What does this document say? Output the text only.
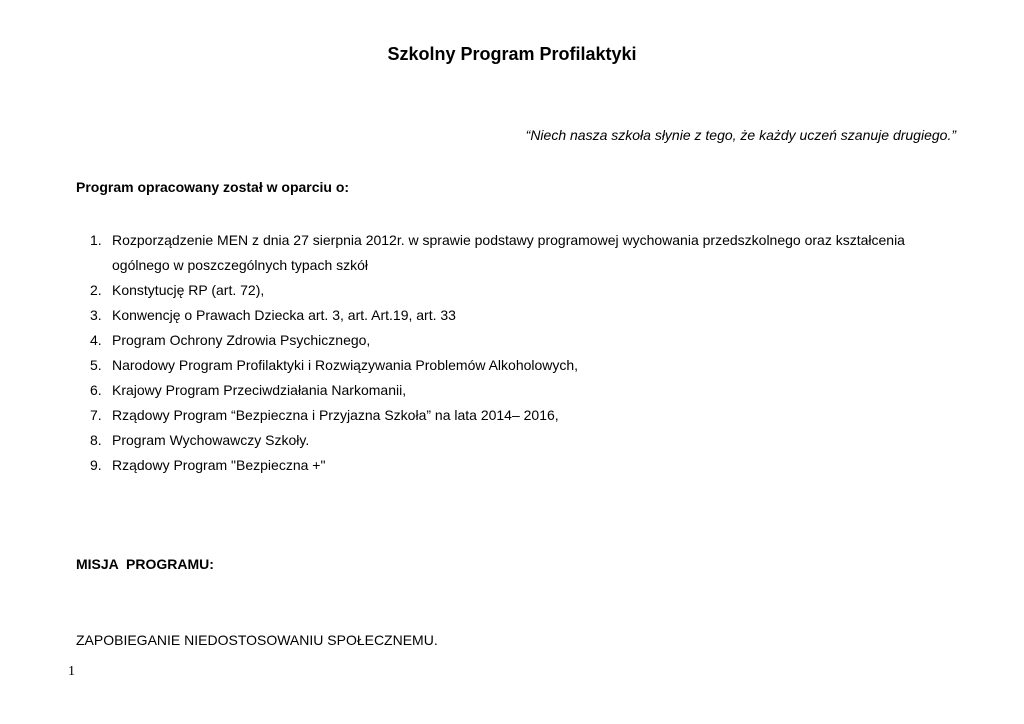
Szkolny Program Profilaktyki

“Niech nasza szkoła słynie z tego, że każdy uczeń szanuje drugiego.”

Program opracowany został w oparciu o:

1. Rozporządzenie MEN z dnia 27 sierpnia 2012r. w sprawie podstawy programowej wychowania przedszkolnego oraz kształcenia ogólnego w poszczególnych typach szkół
2. Konstytucję RP (art. 72),
3. Konwencję o Prawach Dziecka art. 3, art. Art.19, art. 33
4. Program Ochrony Zdrowia Psychicznego,
5. Narodowy Program Profilaktyki i Rozwiązywania Problemów Alkoholowych,
6. Krajowy Program Przeciwdziałania Narkomanii,
7. Rządowy Program “Bezpieczna i Przyjazna Szkoła” na lata 2014– 2016,
8. Program Wychowawczy Szkoły.
9. Rządowy Program "Bezpieczna +"

MISJA  PROGRAMU:

ZAPOBIEGANIE NIEDOSTOSOWANIU SPOŁECZNEMU.

1
